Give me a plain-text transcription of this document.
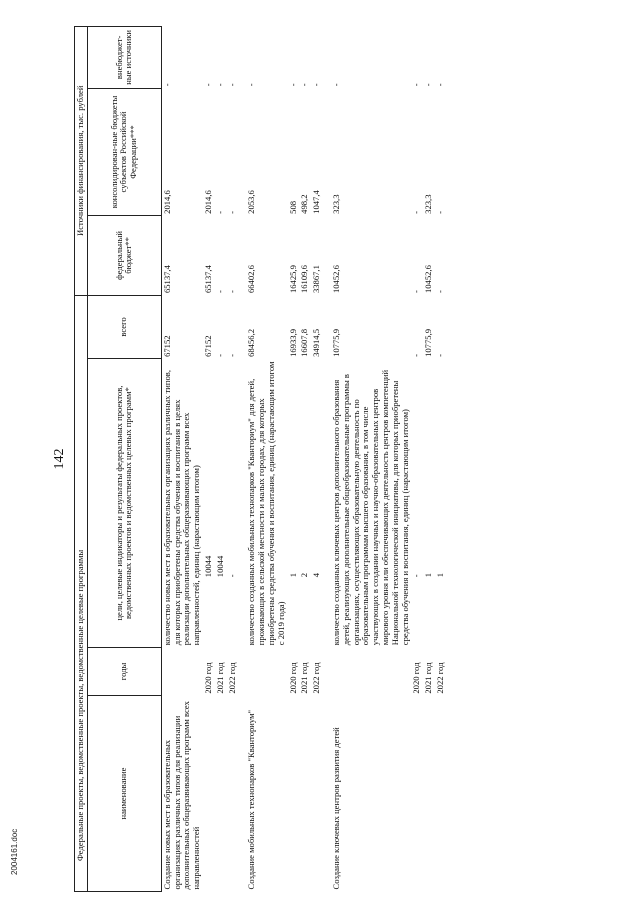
142
Федеральные проекты, ведомственные проекты, ведомственные целевые программы				Источники финансирования, тыс. рублей		
наименование	годы	цели, целевые индикаторы и результаты федеральных проектов, ведомственных проектов и ведомственных целевых программ*	всего	федеральный бюджет**	консолидирован-ные бюджеты субъектов Российской Федерации***	внебюджет-ные источники
Создание новых мест в образовательных организациях различных типов для реализации дополнительных общеразвивающих программ всех направленностей		количество новых мест в образовательных организациях различных типов, для которых приобретены средства обучения и воспитания в целях реализации дополнительных общеразвивающих программ всех направленностей, единиц (нарастающим итогом)	67152	65137,4	2014,6	-
	2020 год	10044	67152	65137,4	2014,6	-
	2021 год	10044	-	-	-	-
	2022 год	-	-	-	-	-

Создание мобильных технопарков "Кванториум"		количество созданных мобильных технопарков "Кванториум" для детей, проживающих в сельской местности и малых городах, для которых приобретены средства обучения и воспитания, единиц (нарастающим итогом с 2019 года)	68456,2	66402,6	2053,6	-
	2020 год	1	16933,9	16425,9	508	-
	2021 год	2	16607,8	16109,6	498,2	-
	2022 год	4	34914,5	33867,1	1047,4	-

Создание ключевых центров развития детей		количество созданных ключевых центров дополнительного образования детей, реализующих дополнительные общеобразовательные программы в организациях, осуществляющих образовательную деятельность по образовательным программам высшего образования, в том числе участвующих в создании научных и научно-образовательных центров мирового уровня или обеспечивающих деятельность центров компетенций Национальной технологической инициативы, для которых приобретены средства обучения и воспитания, единиц (нарастающим итогом)	10775,9	10452,6	323,3	-
	2020 год	-	-	-	-	-
	2021 год	1	10775,9	10452,6	323,3	-
	2022 год	1	-	-	-	-
2004161.doc
